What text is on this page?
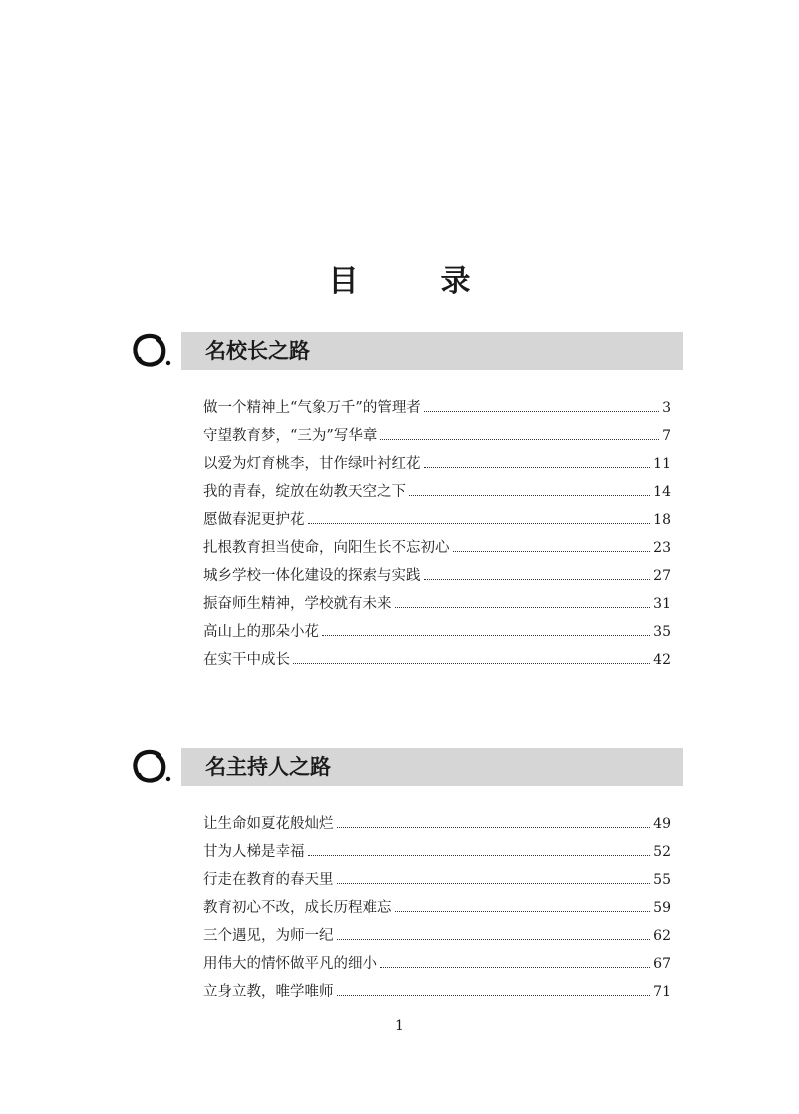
目　录
名校长之路
做一个精神上“气象万千”的管理者	3
守望教育梦，“三为”写华章	7
以爱为灯育桃李，甘作绿叶衬红花	11
我的青春，绽放在幼教天空之下	14
愿做春泥更护花	18
扎根教育担当使命，向阳生长不忘初心	23
城乡学校一体化建设的探索与实践	27
振奋师生精神，学校就有未来	31
高山上的那朵小花	35
在实干中成长	42
名主持人之路
让生命如夏花般灿烂	49
甘为人梯是幸福	52
行走在教育的春天里	55
教育初心不改，成长历程难忘	59
三个遇见，为师一纪	62
用伟大的情怀做平凡的细小	67
立身立教，唯学唯师	71
1
